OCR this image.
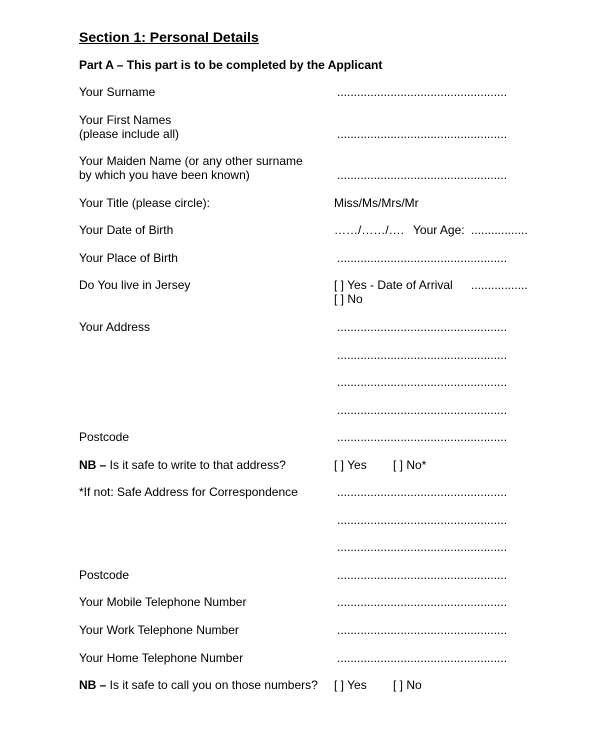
Section 1: Personal Details
Part A – This part is to be completed by the Applicant
Your Surname	...................................................
Your First Names
(please include all)	...................................................
Your Maiden Name (or any other surname
by which you have been known)	...................................................
Your Title (please circle):	Miss/Ms/Mrs/Mr
Your Date of Birth	……/……/…. Your Age: .................
Your Place of Birth	...................................................
Do You live in Jersey	[ ] Yes - Date of Arrival .................
[ ] No
Your Address	...................................................
...................................................
...................................................
...................................................
Postcode	...................................................
NB – Is it safe to write to that address?	[ ] Yes [ ] No*
*If not: Safe Address for Correspondence	...................................................
...................................................
...................................................
Postcode	...................................................
Your Mobile Telephone Number	...................................................
Your Work Telephone Number	...................................................
Your Home Telephone Number	...................................................
NB – Is it safe to call you on those numbers? [ ] Yes [ ] No
